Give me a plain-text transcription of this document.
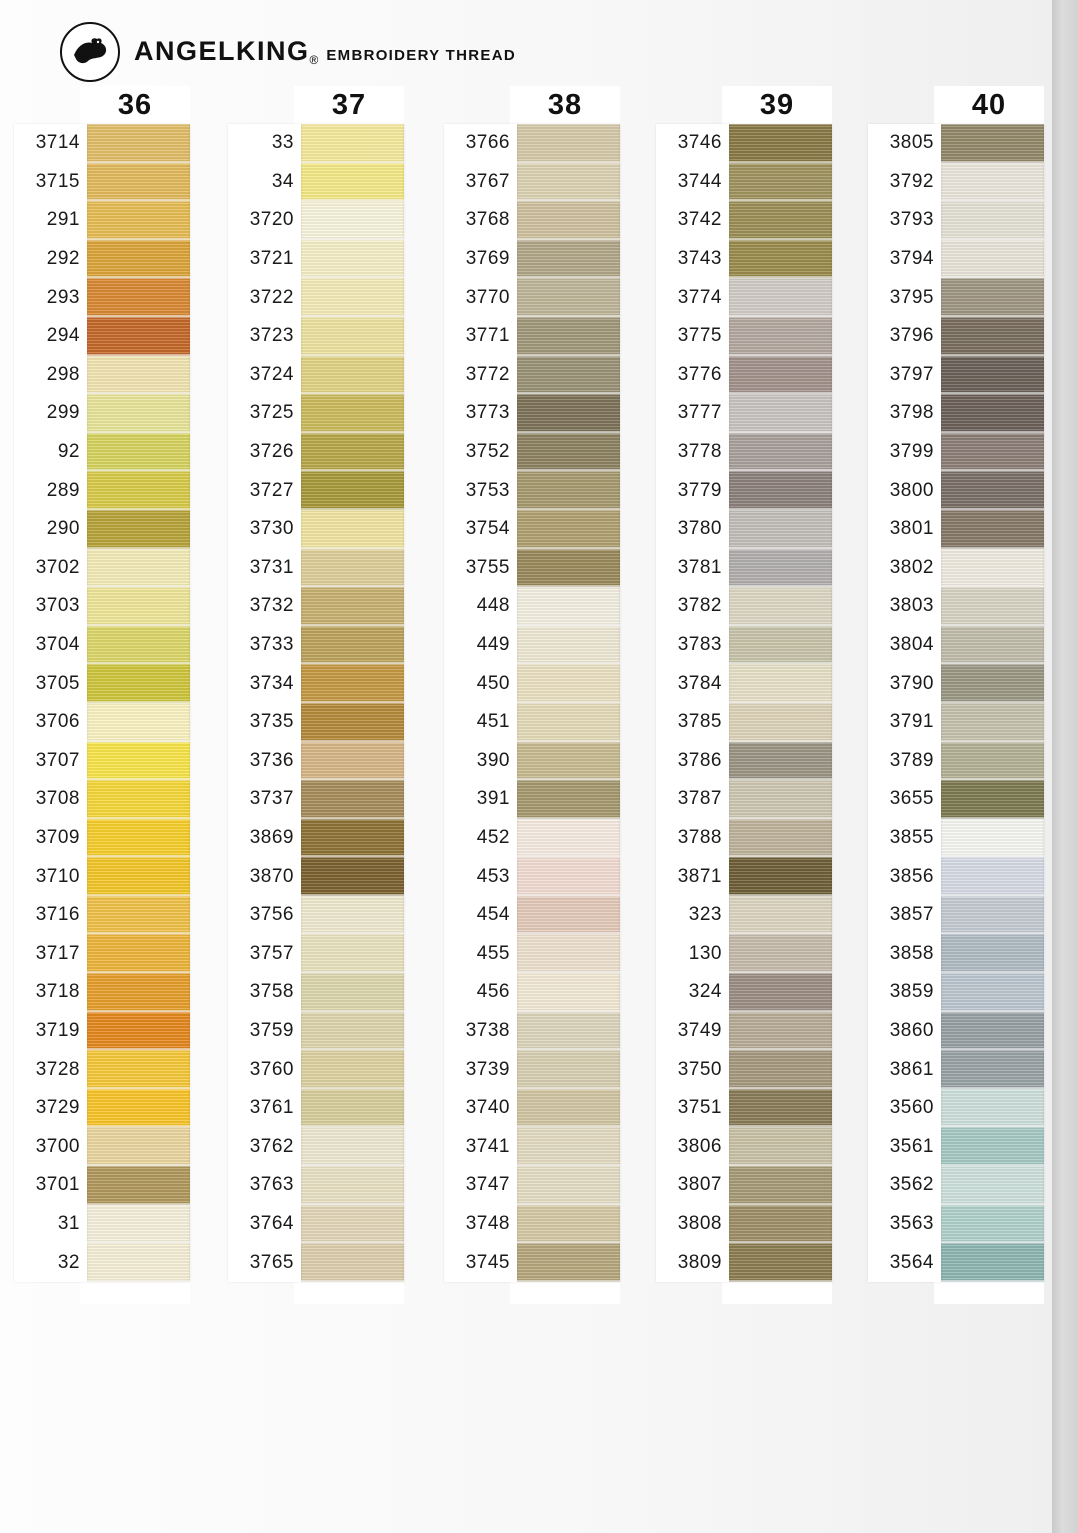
$ANGELKING_®$ EMBROIDERY THREAD
36
3714
3715
291
292
293
294
298
299
92
289
290
3702
3703
3704
3705
3706
3707
3708
3709
3710
3716
3717
3718
3719
3728
3729
3700
3701
31
32
37
33
34
3720
3721
3722
3723
3724
3725
3726
3727
3730
3731
3732
3733
3734
3735
3736
3737
3869
3870
3756
3757
3758
3759
3760
3761
3762
3763
3764
3765
38
3766
3767
3768
3769
3770
3771
3772
3773
3752
3753
3754
3755
448
449
450
451
390
391
452
453
454
455
456
3738
3739
3740
3741
3747
3748
3745
39
3746
3744
3742
3743
3774
3775
3776
3777
3778
3779
3780
3781
3782
3783
3784
3785
3786
3787
3788
3871
323
130
324
3749
3750
3751
3806
3807
3808
3809
40
3805
3792
3793
3794
3795
3796
3797
3798
3799
3800
3801
3802
3803
3804
3790
3791
3789
3655
3855
3856
3857
3858
3859
3860
3861
3560
3561
3562
3563
3564
